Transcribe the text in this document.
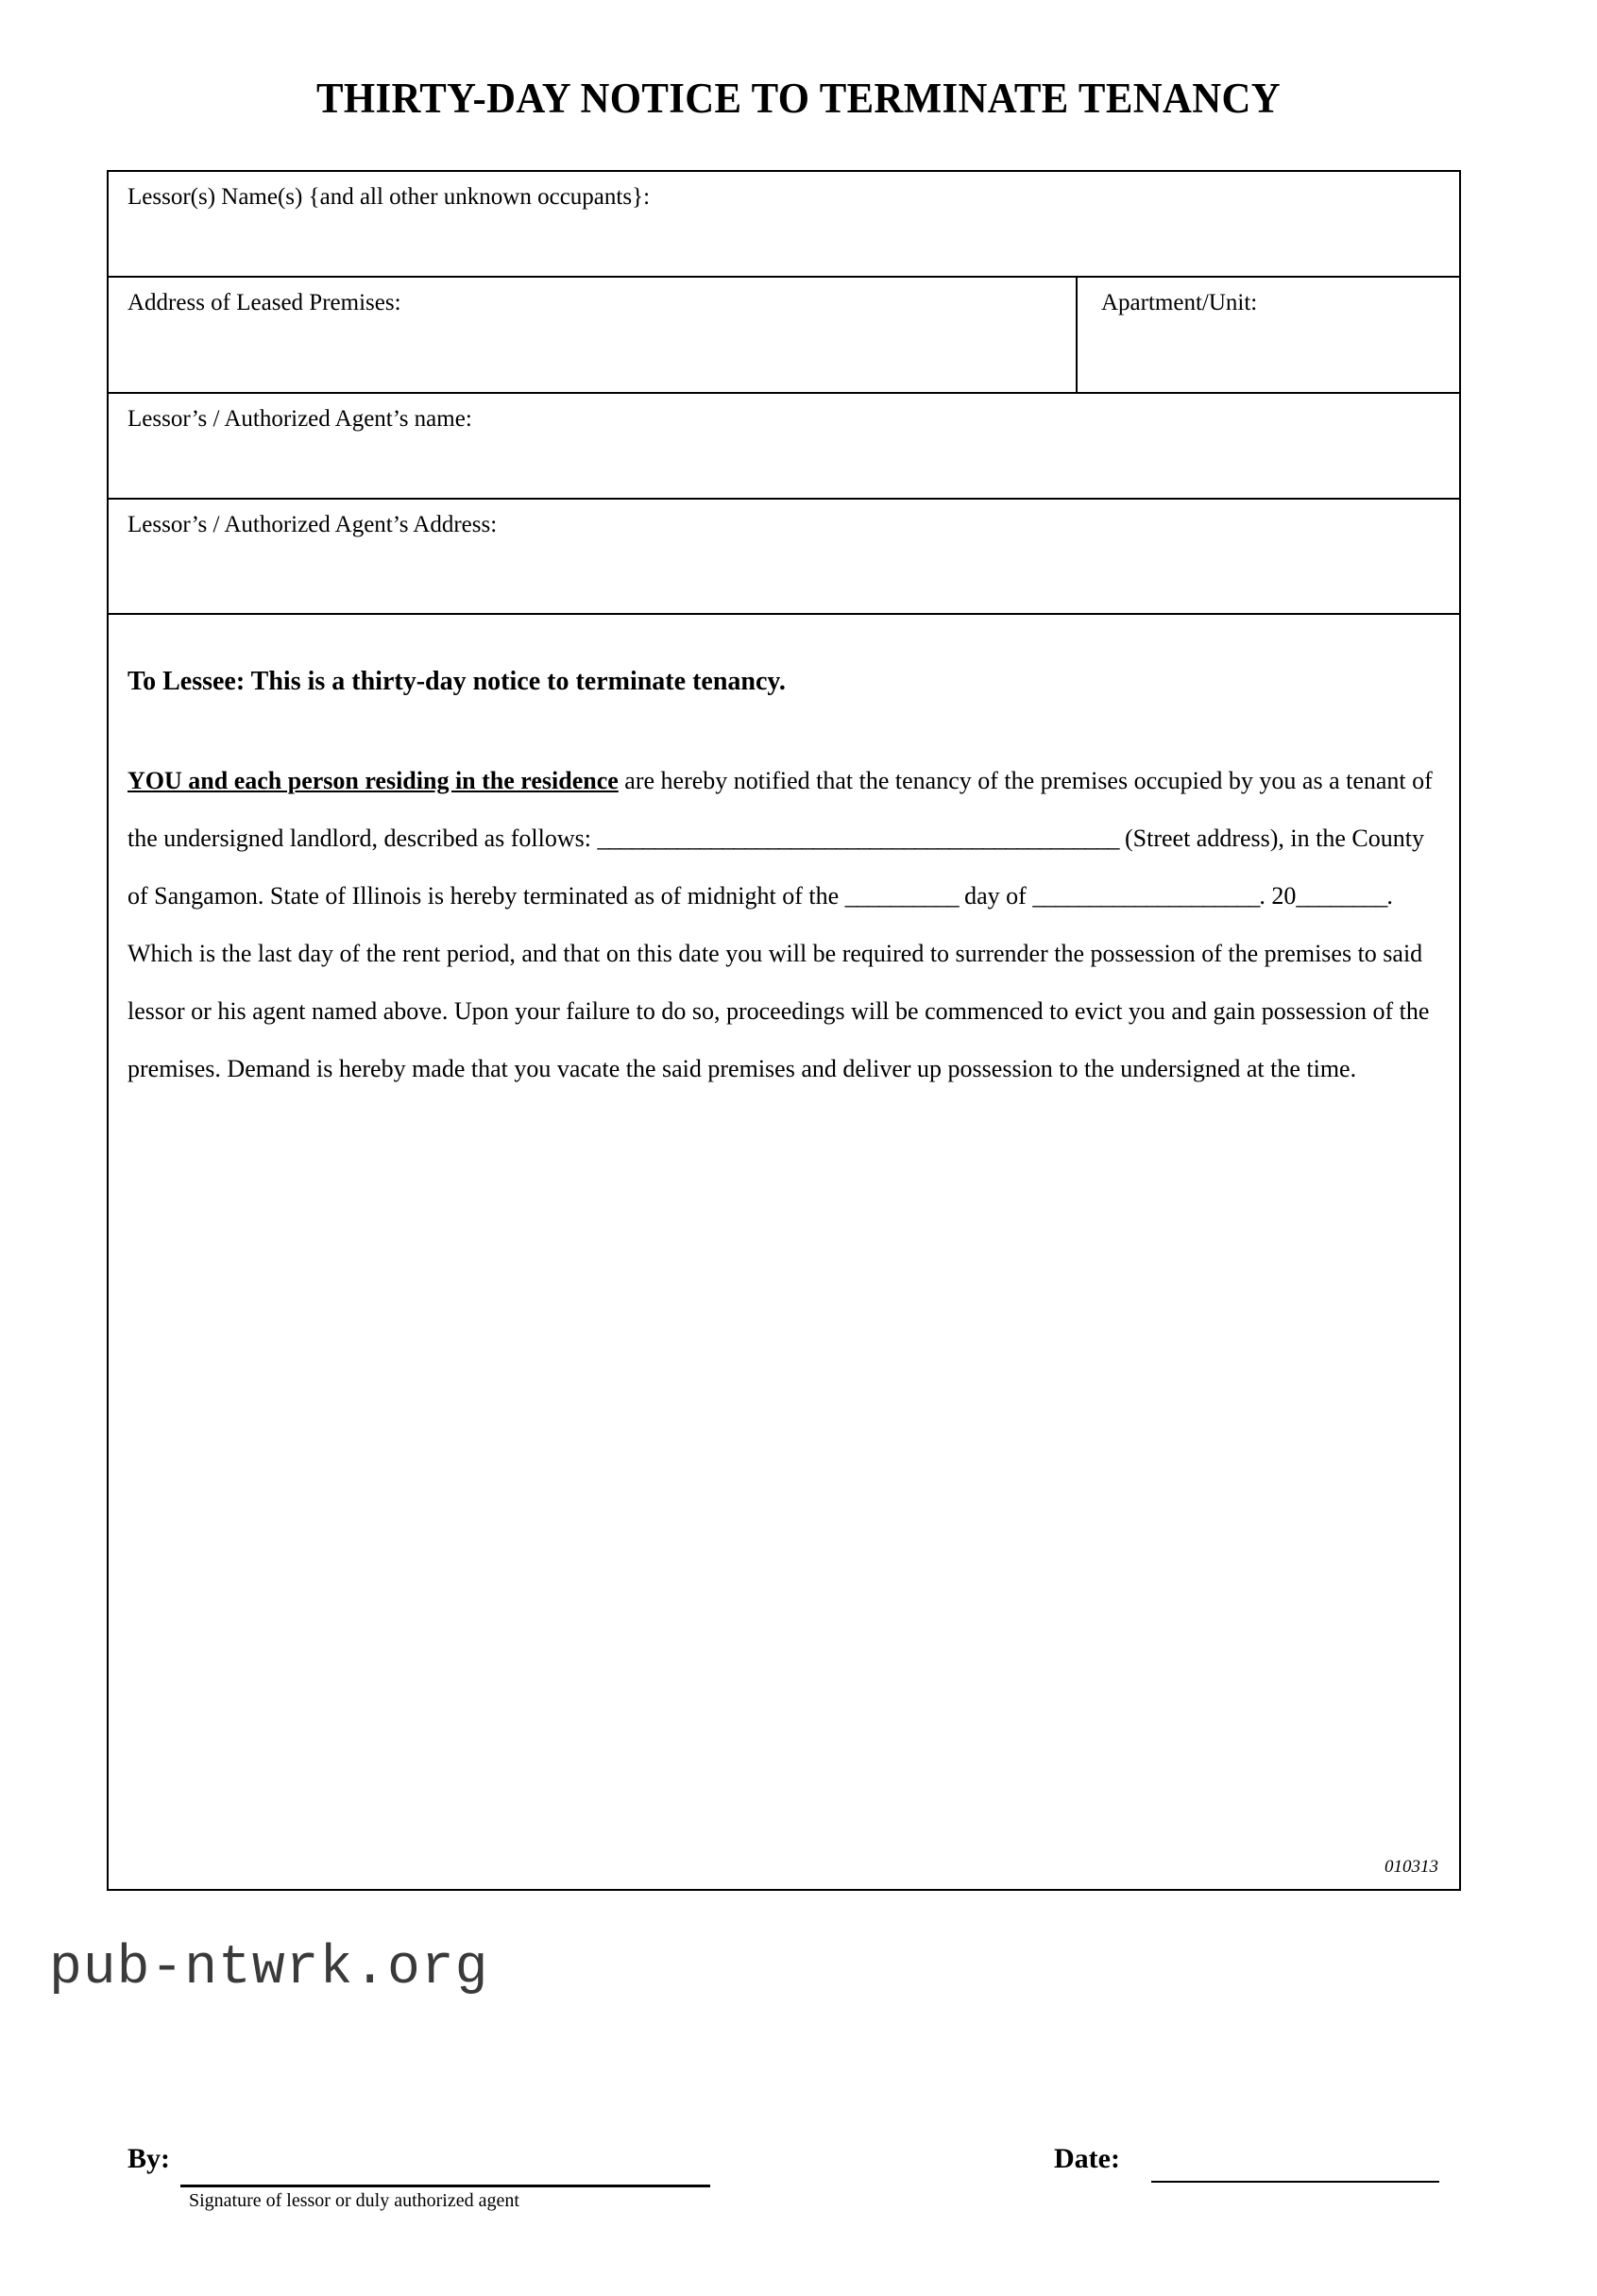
THIRTY-DAY NOTICE TO TERMINATE TENANCY
Lessor(s) Name(s) {and all other unknown occupants}:
Address of Leased Premises:	Apartment/Unit:
Lessor’s / Authorized Agent’s name:
Lessor’s / Authorized Agent’s Address:
To Lessee: This is a thirty-day notice to terminate tenancy.
YOU and each person residing in the residence are hereby notified that the tenancy of the premises occupied by you as a tenant of the undersigned landlord, described as follows: ______________________________________________ (Street address), in the County of Sangamon. State of Illinois is hereby terminated as of midnight of the __________ day of ____________________. 20________. Which is the last day of the rent period, and that on this date you will be required to surrender the possession of the premises to said lessor or his agent named above. Upon your failure to do so, proceedings will be commenced to evict you and gain possession of the premises. Demand is hereby made that you vacate the said premises and deliver up possession to the undersigned at the time.
By:
Signature of lessor or duly authorized agent
Date:
010313
pub-ntwrk.org
